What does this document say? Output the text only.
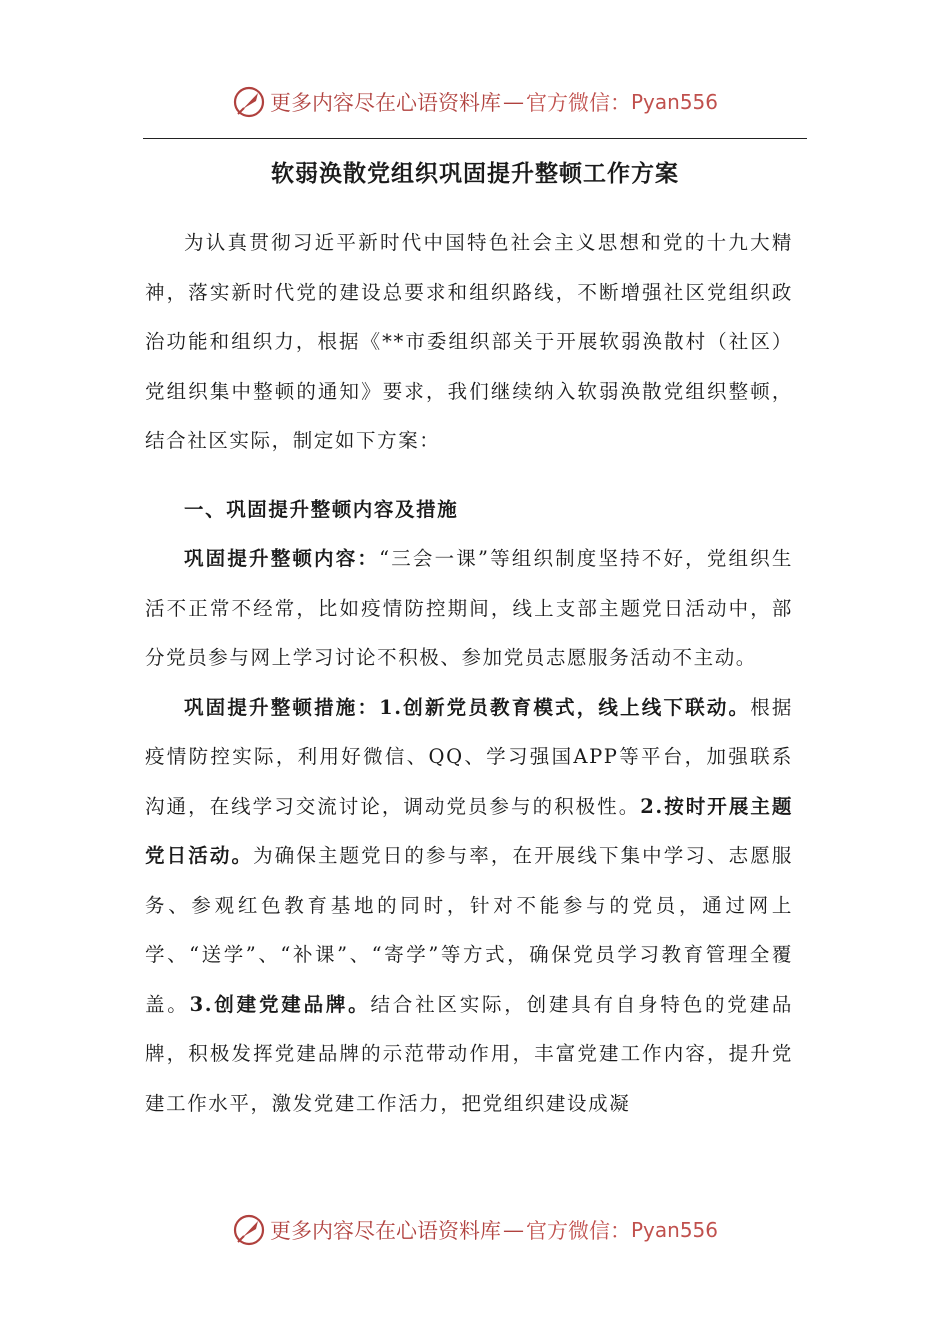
更多内容尽在心语资料库 — 官方微信： Pyan556
软弱涣散党组织巩固提升整顿工作方案

为认真贯彻习近平新时代中国特色社会主义思想和党的十九大精神，落实新时代党的建设总要求和组织路线，不断增强社区党组织政治功能和组织力，根据《**市委组织部关于开展软弱涣散村（社区）党组织集中整顿的通知》要求，我们继续纳入软弱涣散党组织整顿，结合社区实际，制定如下方案：

一、巩固提升整顿内容及措施

巩固提升整顿内容：“三会一课”等组织制度坚持不好，党组织生活不正常不经常，比如疫情防控期间，线上支部主题党日活动中，部分党员参与网上学习讨论不积极、参加党员志愿服务活动不主动。

巩固提升整顿措施：1.创新党员教育模式，线上线下联动。根据疫情防控实际，利用好微信、QQ、学习强国APP等平台，加强联系沟通，在线学习交流讨论，调动党员参与的积极性。2.按时开展主题党日活动。为确保主题党日的参与率，在开展线下集中学习、志愿服务、参观红色教育基地的同时，针对不能参与的党员，通过网上学、“送学”、“补课”、“寄学”等方式，确保党员学习教育管理全覆盖。3.创建党建品牌。结合社区实际，创建具有自身特色的党建品牌，积极发挥党建品牌的示范带动作用，丰富党建工作内容，提升党建工作水平，激发党建工作活力，把党组织建设成凝

更多内容尽在心语资料库 — 官方微信： Pyan556
